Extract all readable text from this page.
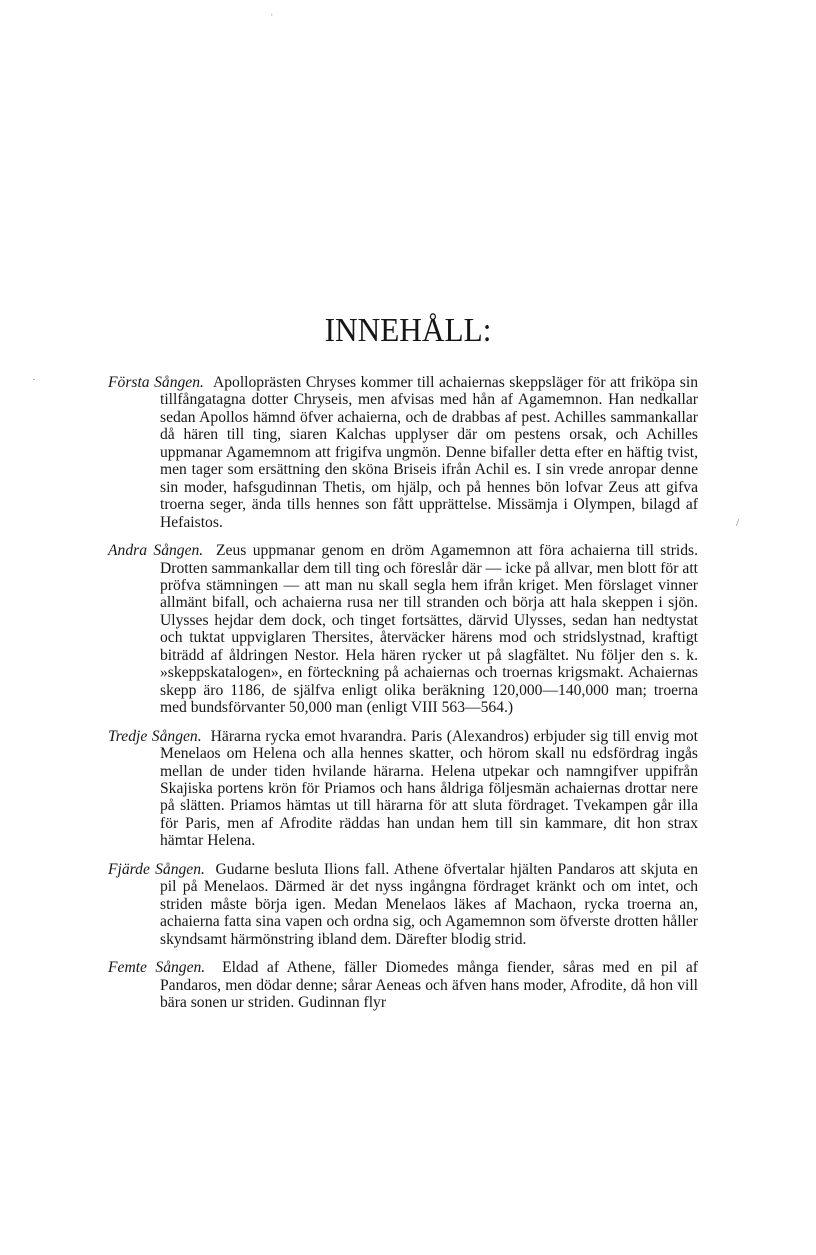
INNEHÅLL:

Första Sången. Apolloprästen Chryses kommer till achaiernas skeppsläger för att friköpa sin tillfångatagna dotter Chryseis, men afvisas med hån af Agamemnon. Han nedkallar sedan Apollos hämnd öfver achaierna, och de drabbas af pest. Achilles sammankallar då hären till ting, siaren Kalchas upplyser där om pestens orsak, och Achilles uppmanar Agamemnom att frigifva ungmön. Denne bifaller detta efter en häftig tvist, men tager som ersättning den sköna Briseis ifrån Achil es. I sin vrede anropar denne sin moder, hafsgudinnan Thetis, om hjälp, och på hennes bön lofvar Zeus att gifva troerna seger, ända tills hennes son fått upprättelse. Missämja i Olympen, bilagd af Hefaistos.

Andra Sången. Zeus uppmanar genom en dröm Agamemnon att föra achaierna till strids. Drotten sammankallar dem till ting och föreslår där — icke på allvar, men blott för att pröfva stämningen — att man nu skall segla hem ifrån kriget. Men förslaget vinner allmänt bifall, och achaierna rusa ner till stranden och börja att hala skeppen i sjön. Ulysses hejdar dem dock, och tinget fortsättes, därvid Ulysses, sedan han nedtystat och tuktat uppviglaren Thersites, återväcker härens mod och stridslystnad, kraftigt biträdd af åldringen Nestor. Hela hären rycker ut på slagfältet. Nu följer den s. k. »skeppskatalogen», en förteckning på achaiernas och troernas krigsmakt. Achaiernas skepp äro 1186, de själfva enligt olika beräkning 120,000—140,000 man; troerna med bundsförvanter 50,000 man (enligt VIII 563—564.)

Tredje Sången. Härarna rycka emot hvarandra. Paris (Alexandros) erbjuder sig till envig mot Menelaos om Helena och alla hennes skatter, och hörom skall nu edsfördrag ingås mellan de under tiden hvilande härarna. Helena utpekar och namngifver uppifrån Skajiska portens krön för Priamos och hans åldriga följesmän achaiernas drottar nere på slätten. Priamos hämtas ut till härarna för att sluta fördraget. Tvekampen går illa för Paris, men af Afrodite räddas han undan hem till sin kammare, dit hon strax hämtar Helena.

Fjärde Sången. Gudarne besluta Ilions fall. Athene öfvertalar hjälten Pandaros att skjuta en pil på Menelaos. Därmed är det nyss ingångna fördraget kränkt och om intet, och striden måste börja igen. Medan Menelaos läkes af Machaon, rycka troerna an, achaierna fatta sina vapen och ordna sig, och Agamemnon som öfverste drotten håller skyndsamt härmönstring ibland dem. Därefter blodig strid.

Femte Sången. Eldad af Athene, fäller Diomedes många fiender, såras med en pil af Pandaros, men dödar denne; sårar Aeneas och äfven hans moder, Afrodite, då hon vill bära sonen ur striden. Gudinnan flyr

ˈ
/
·
